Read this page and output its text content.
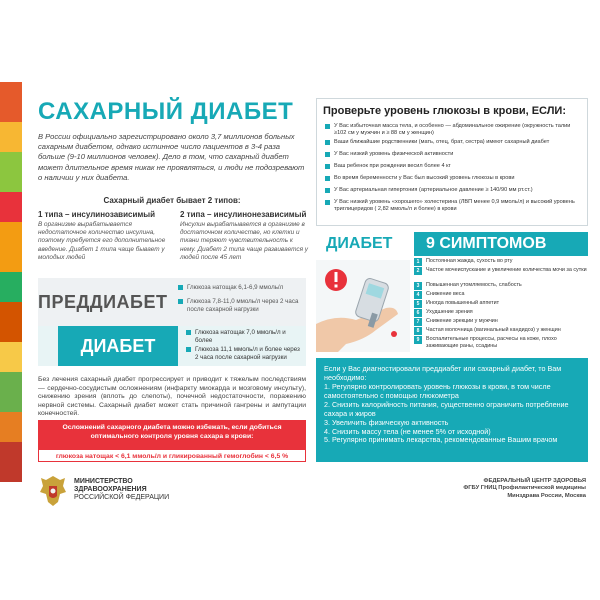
САХАРНЫЙ ДИАБЕТ
В России официально зарегистрировано около 3,7 миллионов больных сахарным диабетом, однако истинное число пациентов в 3-4 раза больше (9-10 миллионов человек). Дело в том, что сахарный диабет может длительное время никак не проявляться, и люди не подозревают о наличии у них диабета.
Сахарный диабет бывает 2 типов:
1 типа – инсулинозависимый

В организме вырабатывается недостаточное количество инсулина, поэтому требуется его дополнительное введение. Диабет 1 типа чаще бывает у молодых людей

2 типа – инсулинонезависимый

Инсулин вырабатывается в организме в достаточном количестве, но клетки и ткани теряют чувствительность к нему. Диабет 2 типа чаще развивается у людей после 45 лет

ПРЕДДИАБЕТ
Глюкоза натощак 6,1-6,9 ммоль/л
Глюкоза 7,8-11,0 ммоль/л через 2 часа после сахарной нагрузки
ДИАБЕТ
Глюкоза натощак 7,0 ммоль/л и более
Глюкоза 11,1 ммоль/л и более через 2 часа после сахарной нагрузки
Без лечения сахарный диабет прогрессирует и приводит к тяжелым последствиям — сердечно-сосудистым осложнениям (инфаркту миокарда и мозговому инсульту), снижению зрения (вплоть до слепоты), почечной недостаточности, поражению нервной системы. Сахарный диабет может стать причиной гангрены и ампутации конечностей.
Осложнений сахарного диабета можно избежать, если добиться
оптимального контроля уровня сахара в крови:
глюкоза натощак < 6,1 ммоль/л и гликированный гемоглобин < 6,5 %
Проверьте уровень глюкозы в крови, ЕСЛИ:
У Вас избыточная масса тела, и особенно — абдоминальное ожирение (окружность талии ≥102 см у мужчин и ≥ 88 см у женщин)
Ваши ближайшие родственники (мать, отец, брат, сестра) имеют сахарный диабет
У Вас низкий уровень физической активности
Ваш ребенок при рождении весил более 4 кг
Во время беременности у Вас был высокий уровень глюкозы в крови
У Вас артериальная гипертония (артериальное давление ≥ 140/90 мм рт.ст.)
У Вас низкий уровень «хорошего» холестерина (ЛВП менее 0,9 ммоль/л) и высокий уровень триглицеридов ( 2,82 ммоль/л и более) в крови
ДИАБЕТ	9 СИМПТОМОВ
1	Постоянная жажда, сухость во рту
2	Частое мочеиспускание и увеличение количества мочи за сутки
3	Повышенная утомляемость, слабость
4	Снижение веса
5	Иногда повышенный аппетит
6	Ухудшение зрения
7	Снижение эрекции у мужчин
8	Частая молочница (вагинальный кандидоз) у женщин
9	Воспалительные процессы, расчесы на коже, плохо заживающие раны, ссадины
Если у Вас диагностировали преддиабет или сахарный диабет, то Вам необходимо:
1. Регулярно контролировать уровень глюкозы в крови, в том числе самостоятельно с помощью глюкометра
2. Снизить калорийность питания, существенно ограничить потребление сахара и жиров
3. Увеличить физическую активность
4. Снизить массу тела (не менее 5% от исходной)
5. Регулярно принимать лекарства, рекомендованные Вашим врачом
МИНИСТЕРСТВО
ЗДРАВООХРАНЕНИЯ
РОССИЙСКОЙ ФЕДЕРАЦИИ
ФЕДЕРАЛЬНЫЙ ЦЕНТР ЗДОРОВЬЯ
ФГБУ ГНИЦ Профилактической медицины
Минздрава России, Москва
